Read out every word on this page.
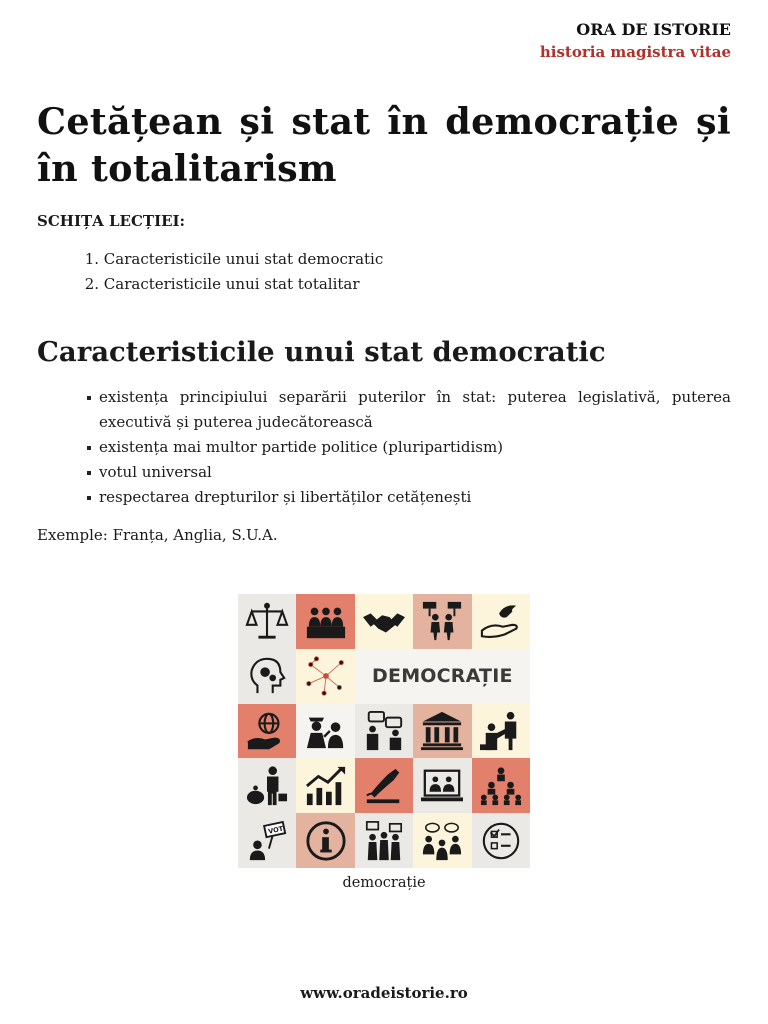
ORA DE ISTORIE
historia magistra vitae
Cetățean și stat în democrație și în totalitarism
SCHIȚA LECȚIEI:
1. Caracteristicile unui stat democratic
2. Caracteristicile unui stat totalitar
Caracteristicile unui stat democratic
existența principiului separării puterilor în stat: puterea legislativă, puterea executivă și puterea judecătorească
existența mai multor partide politice (pluripartidism)
votul universal
respectarea drepturilor și libertăților cetățenești
Exemple: Franța, Anglia, S.U.A.
DEMOCRAȚIE
VOT
democrație
www.oradeistorie.ro
